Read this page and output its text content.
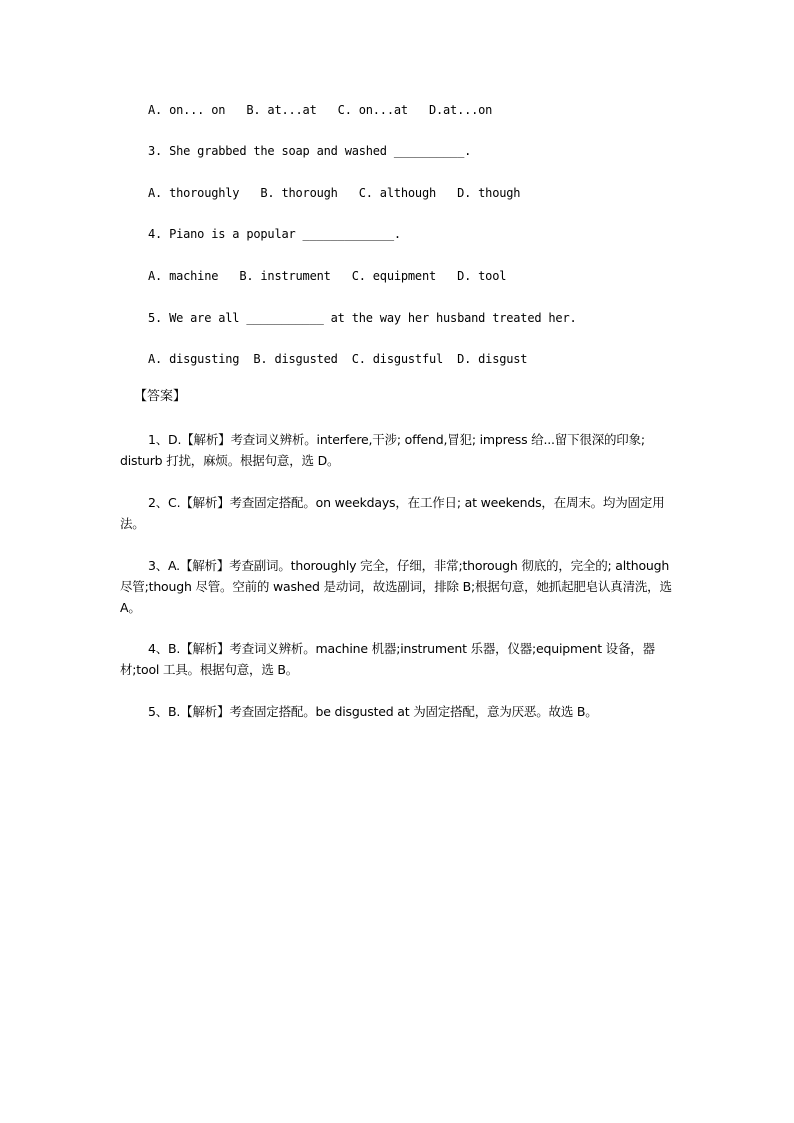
A. on... on   B. at...at   C. on...at   D.at...on
3. She grabbed the soap and washed __________.
A. thoroughly   B. thorough   C. although   D. though
4. Piano is a popular _____________.
A. machine   B. instrument   C. equipment   D. tool
5. We are all ___________ at the way her husband treated her.
A. disgusting  B. disgusted  C. disgustful  D. disgust
【答案】
1、D.【解析】考查词义辨析。interfere,干涉; offend,冒犯; impress 给...留下很深的印象; disturb 打扰，麻烦。根据句意，选 D。
2、C.【解析】考查固定搭配。on weekdays，在工作日; at weekends，在周末。均为固定用法。
3、A.【解析】考查副词。thoroughly 完全，仔细，非常;thorough 彻底的，完全的; although 尽管;though 尽管。空前的 washed 是动词，故选副词，排除 B;根据句意，她抓起肥皂认真清洗，选 A。
4、B.【解析】考查词义辨析。machine 机器;instrument 乐器，仪器;equipment 设备，器材;tool 工具。根据句意，选 B。
5、B.【解析】考查固定搭配。be disgusted at 为固定搭配，意为厌恶。故选 B。
